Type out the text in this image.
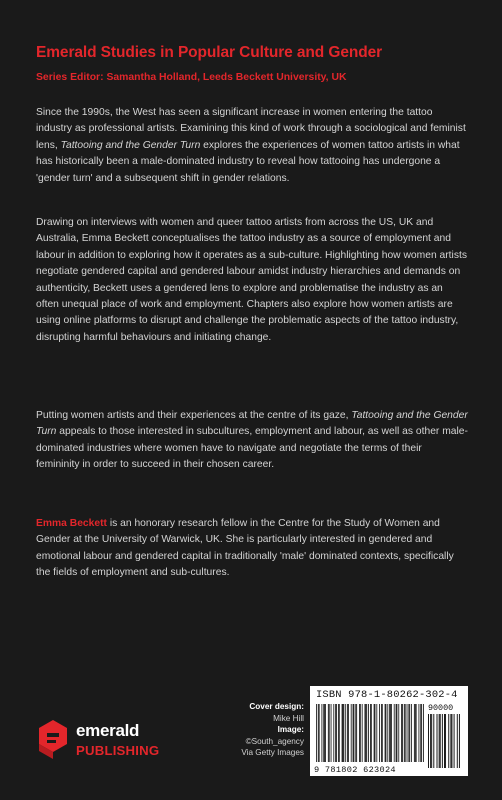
Emerald Studies in Popular Culture and Gender
Series Editor: Samantha Holland, Leeds Beckett University, UK
Since the 1990s, the West has seen a significant increase in women entering the tattoo industry as professional artists. Examining this kind of work through a sociological and feminist lens, Tattooing and the Gender Turn explores the experiences of women tattoo artists in what has historically been a male-dominated industry to reveal how tattooing has undergone a 'gender turn' and a subsequent shift in gender relations.
Drawing on interviews with women and queer tattoo artists from across the US, UK and Australia, Emma Beckett conceptualises the tattoo industry as a source of employment and labour in addition to exploring how it operates as a sub-culture. Highlighting how women artists negotiate gendered capital and gendered labour amidst industry hierarchies and demands on authenticity, Beckett uses a gendered lens to explore and problematise the industry as an often unequal place of work and employment. Chapters also explore how women artists are using online platforms to disrupt and challenge the problematic aspects of the tattoo industry, disrupting harmful behaviours and initiating change.
Putting women artists and their experiences at the centre of its gaze, Tattooing and the Gender Turn appeals to those interested in subcultures, employment and labour, as well as other male-dominated industries where women have to navigate and negotiate the terms of their femininity in order to succeed in their chosen career.
Emma Beckett is an honorary research fellow in the Centre for the Study of Women and Gender at the University of Warwick, UK. She is particularly interested in gendered and emotional labour and gendered capital in traditionally 'male' dominated contexts, specifically the fields of employment and sub-cultures.
emerald
PUBLISHING
Cover design:
Mike Hill
Image:
©South_agency
Via Getty Images
ISBN 978-1-80262-302-4
90000
9 781802 623024
